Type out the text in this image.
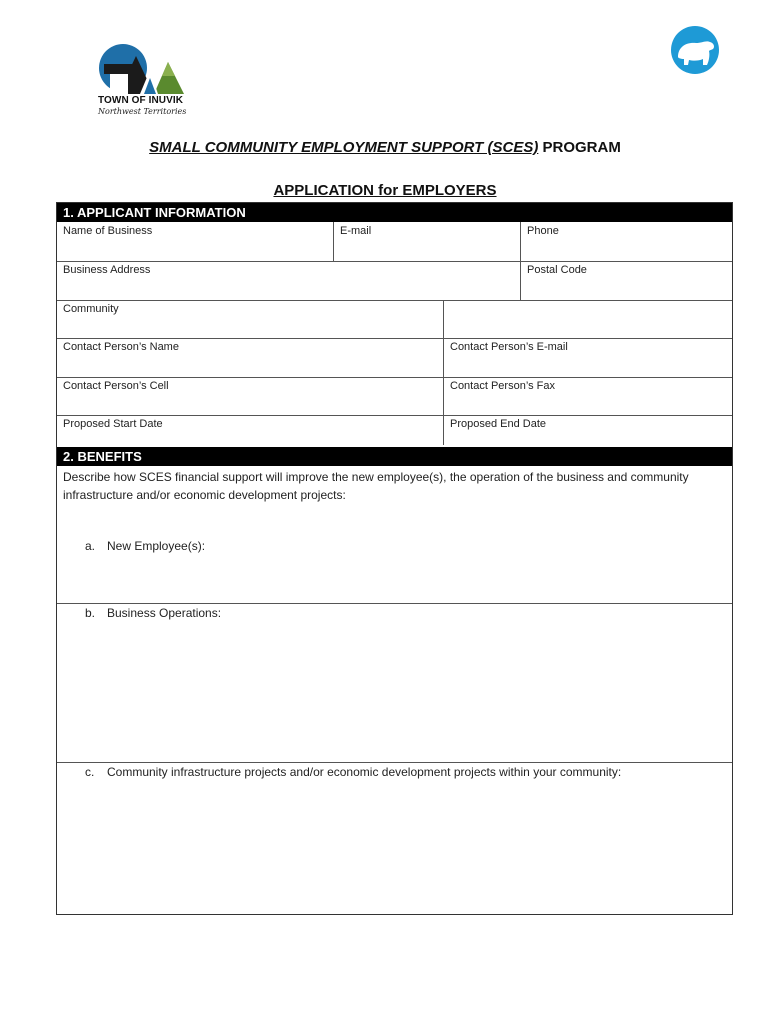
TOWN OF INUVIK
Northwest Territories
SMALL COMMUNITY EMPLOYMENT SUPPORT (SCES) PROGRAM
APPLICATION for EMPLOYERS
1. APPLICANT INFORMATION
Name of Business	E-mail	Phone
Business Address	Postal Code
Community
Contact Person’s Name	Contact Person’s E-mail
Contact Person’s Cell	Contact Person’s Fax
Proposed Start Date	Proposed End Date
2. BENEFITS
Describe how SCES financial support will improve the new employee(s), the operation of the business and community infrastructure and/or economic development projects:
a. New Employee(s):
b. Business Operations:
c. Community infrastructure projects and/or economic development projects within your community:
